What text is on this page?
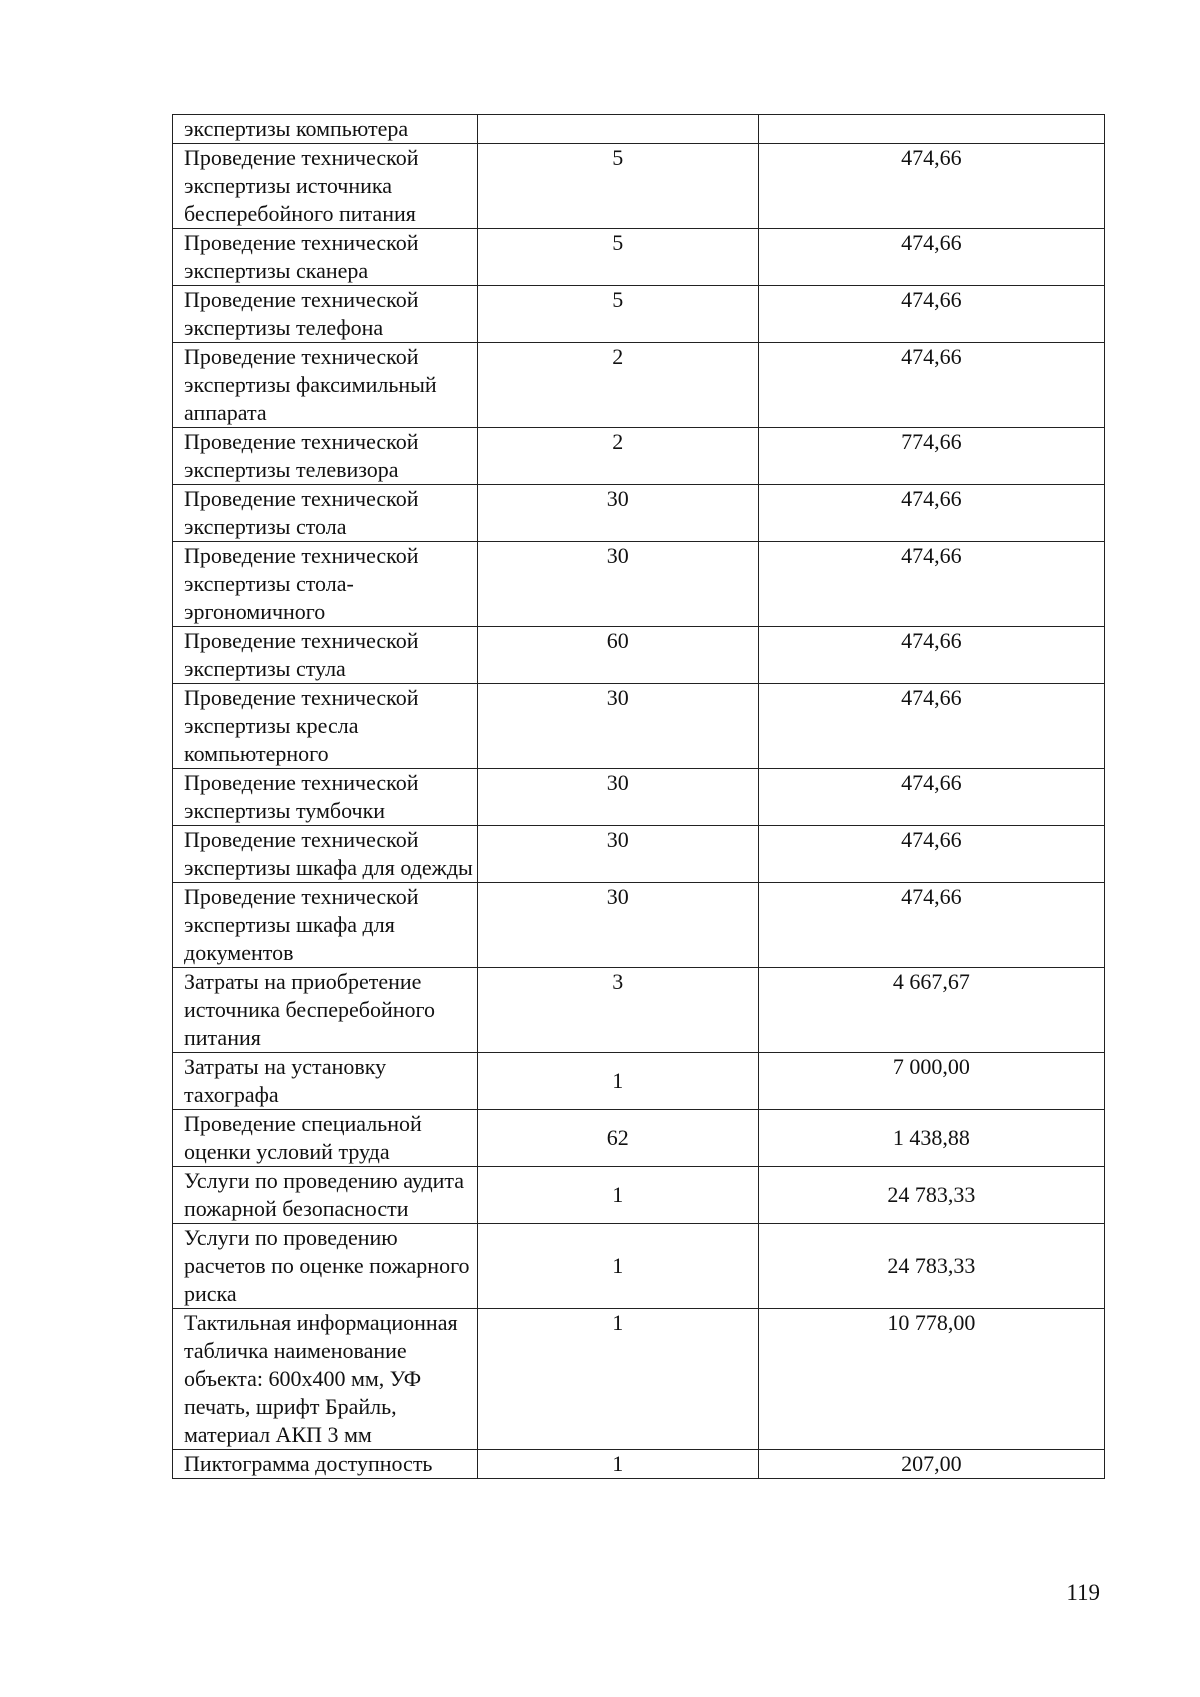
экспертизы компьютера		
Проведение технической экспертизы источника бесперебойного питания	5	474,66
Проведение технической экспертизы сканера	5	474,66
Проведение технической экспертизы телефона	5	474,66
Проведение технической экспертизы факсимильный аппарата	2	474,66
Проведение технической экспертизы телевизора	2	774,66
Проведение технической экспертизы стола	30	474,66
Проведение технической экспертизы стола-эргономичного	30	474,66
Проведение технической экспертизы стула	60	474,66
Проведение технической экспертизы кресла компьютерного	30	474,66
Проведение технической экспертизы тумбочки	30	474,66
Проведение технической экспертизы шкафа для одежды	30	474,66
Проведение технической экспертизы шкафа для документов	30	474,66
Затраты на приобретение источника бесперебойного питания	3	4 667,67
Затраты на установку тахографа	1	7 000,00
Проведение специальной оценки условий труда	62	1 438,88
Услуги по проведению аудита пожарной безопасности	1	24 783,33
Услуги по проведению расчетов по оценке пожарного риска	1	24 783,33
Тактильная информационная табличка наименование объекта: 600х400 мм, УФ печать, шрифт Брайль, материал АКП 3 мм	1	10 778,00
Пиктограмма доступность	1	207,00
119
